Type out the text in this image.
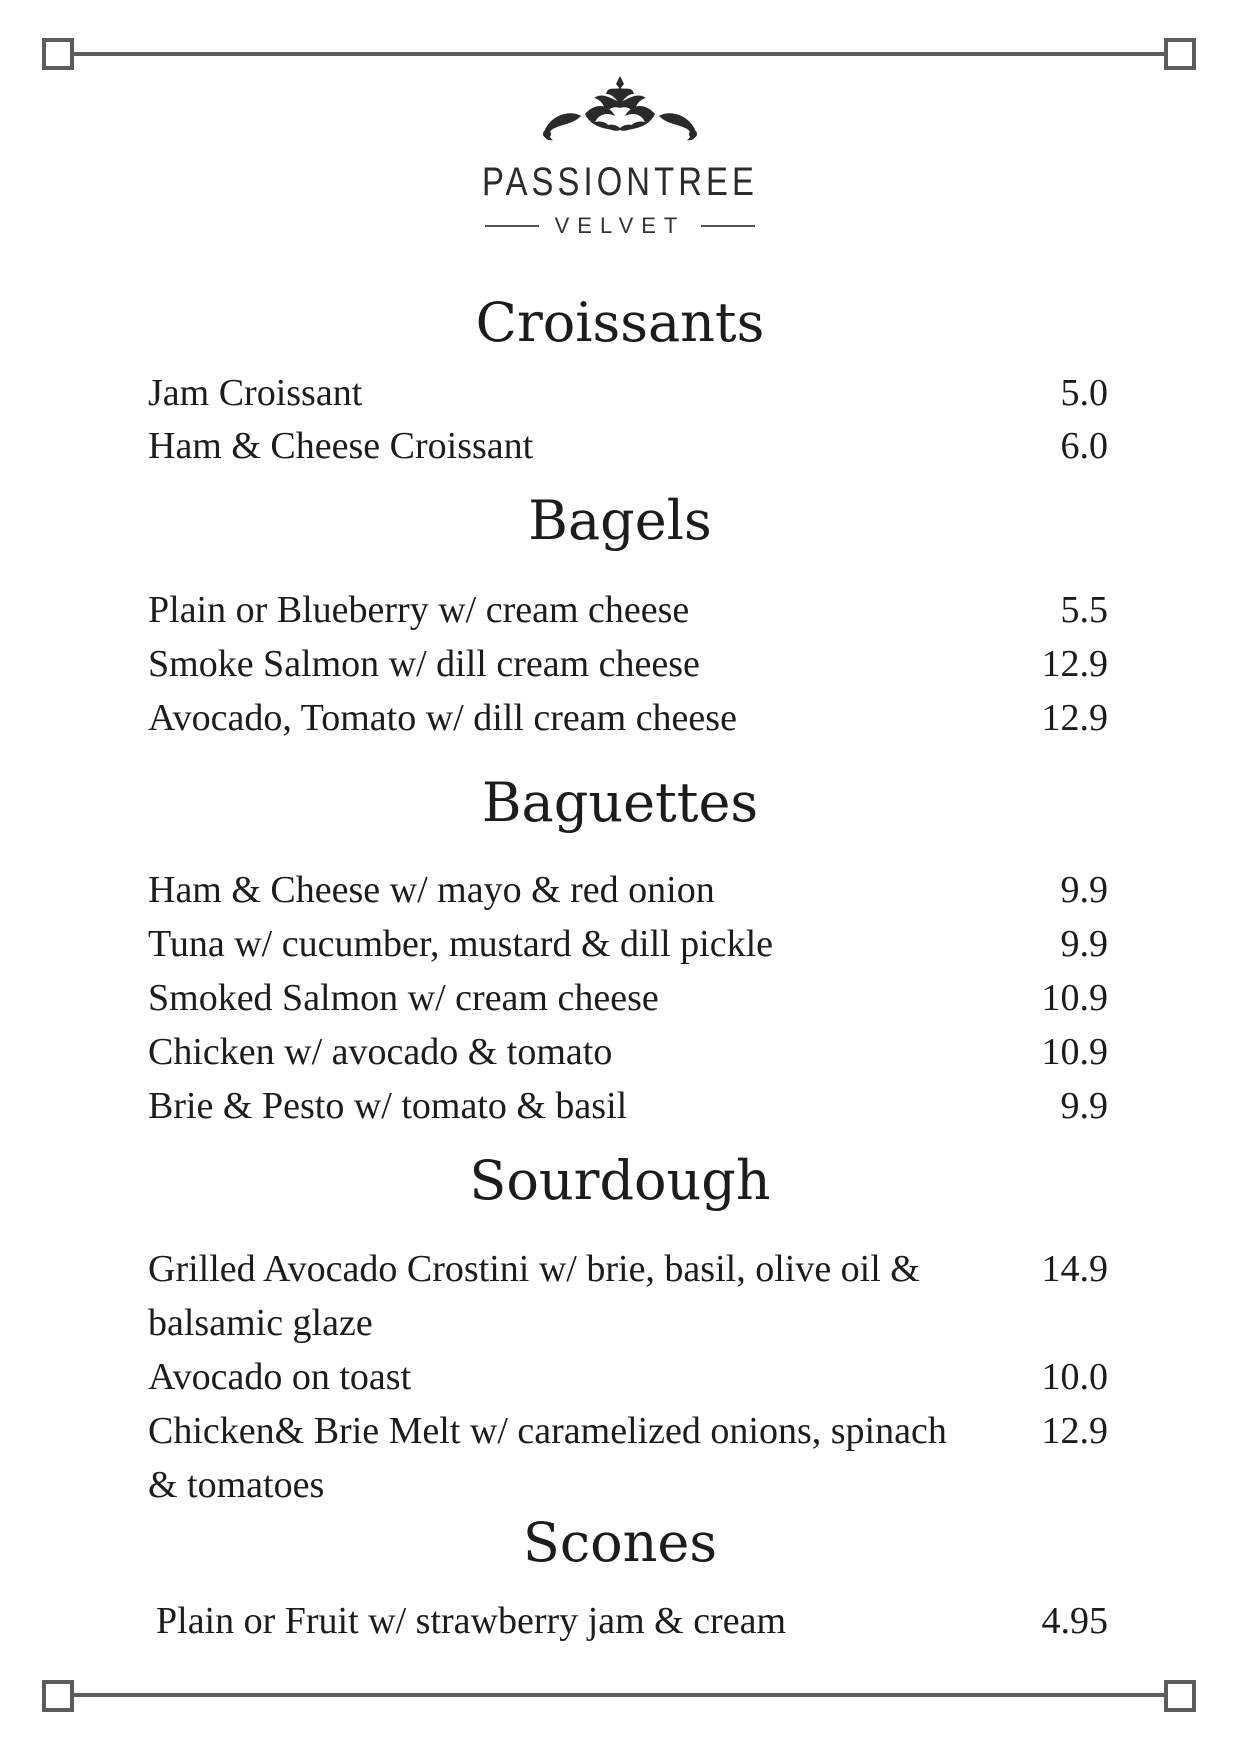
PASSIONTREE
VELVET
Croissants
Jam Croissant	5.0
Ham & Cheese Croissant	6.0
Bagels
Plain or Blueberry w/ cream cheese	5.5
Smoke Salmon w/ dill cream cheese	12.9
Avocado, Tomato w/ dill cream cheese	12.9
Baguettes
Ham & Cheese w/ mayo & red onion	9.9
Tuna w/ cucumber, mustard & dill pickle	9.9
Smoked Salmon w/ cream cheese	10.9
Chicken w/ avocado & tomato	10.9
Brie & Pesto w/ tomato & basil	9.9
Sourdough
Grilled Avocado Crostini w/ brie, basil, olive oil & balsamic glaze
14.9
Avocado on toast	10.0
Chicken& Brie Melt w/ caramelized onions, spinach & tomatoes
12.9
Scones
Plain or Fruit w/ strawberry jam & cream	4.95
